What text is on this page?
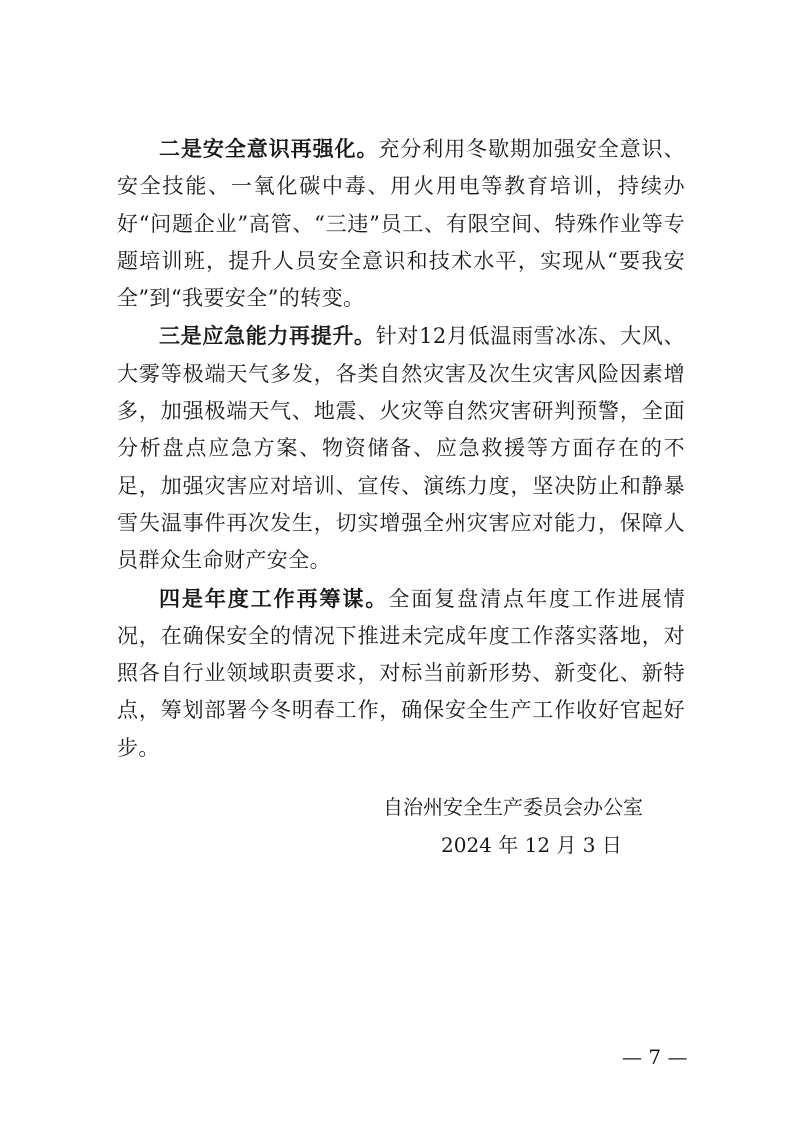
二是安全意识再强化。充分利用冬歇期加强安全意识、安全技能、一氧化碳中毒、用火用电等教育培训，持续办好“问题企业”高管、“三违”员工、有限空间、特殊作业等专题培训班，提升人员安全意识和技术水平，实现从“要我安全”到“我要安全”的转变。

三是应急能力再提升。针对12月低温雨雪冰冻、大风、大雾等极端天气多发，各类自然灾害及次生灾害风险因素增多，加强极端天气、地震、火灾等自然灾害研判预警，全面分析盘点应急方案、物资储备、应急救援等方面存在的不足，加强灾害应对培训、宣传、演练力度，坚决防止和静暴雪失温事件再次发生，切实增强全州灾害应对能力，保障人员群众生命财产安全。

四是年度工作再筹谋。全面复盘清点年度工作进展情况，在确保安全的情况下推进未完成年度工作落实落地，对照各自行业领域职责要求，对标当前新形势、新变化、新特点，筹划部署今冬明春工作，确保安全生产工作收好官起好步。

自治州安全生产委员会办公室
2024 年 12 月 3 日
— 7 —
